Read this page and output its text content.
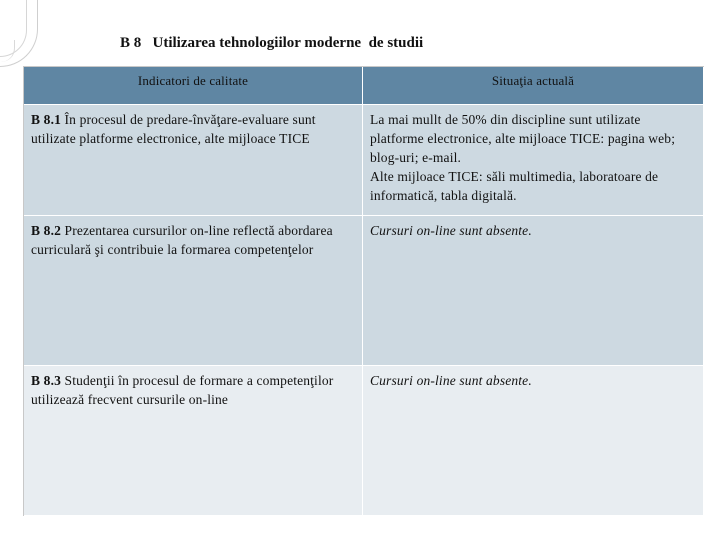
B 8   Utilizarea tehnologiilor moderne  de studii
Indicatori de calitate	Situaţia actuală
B 8.1 În procesul de predare-învăţare-evaluare sunt utilizate platforme electronice, alte mijloace TICE
La mai mullt de 50% din discipline sunt utilizate platforme electronice, alte mijloace TICE: pagina web; blog-uri; e-mail.
Alte mijloace TICE: săli multimedia, laboratoare de informatică, tabla digitală.
B 8.2 Prezentarea cursurilor on-line reflectă abordarea curriculară şi contribuie la formarea competenţelor
Cursuri on-line sunt absente.
B 8.3 Studenţii în procesul de formare a competenţilor utilizează frecvent cursurile on-line
Cursuri on-line sunt absente.
